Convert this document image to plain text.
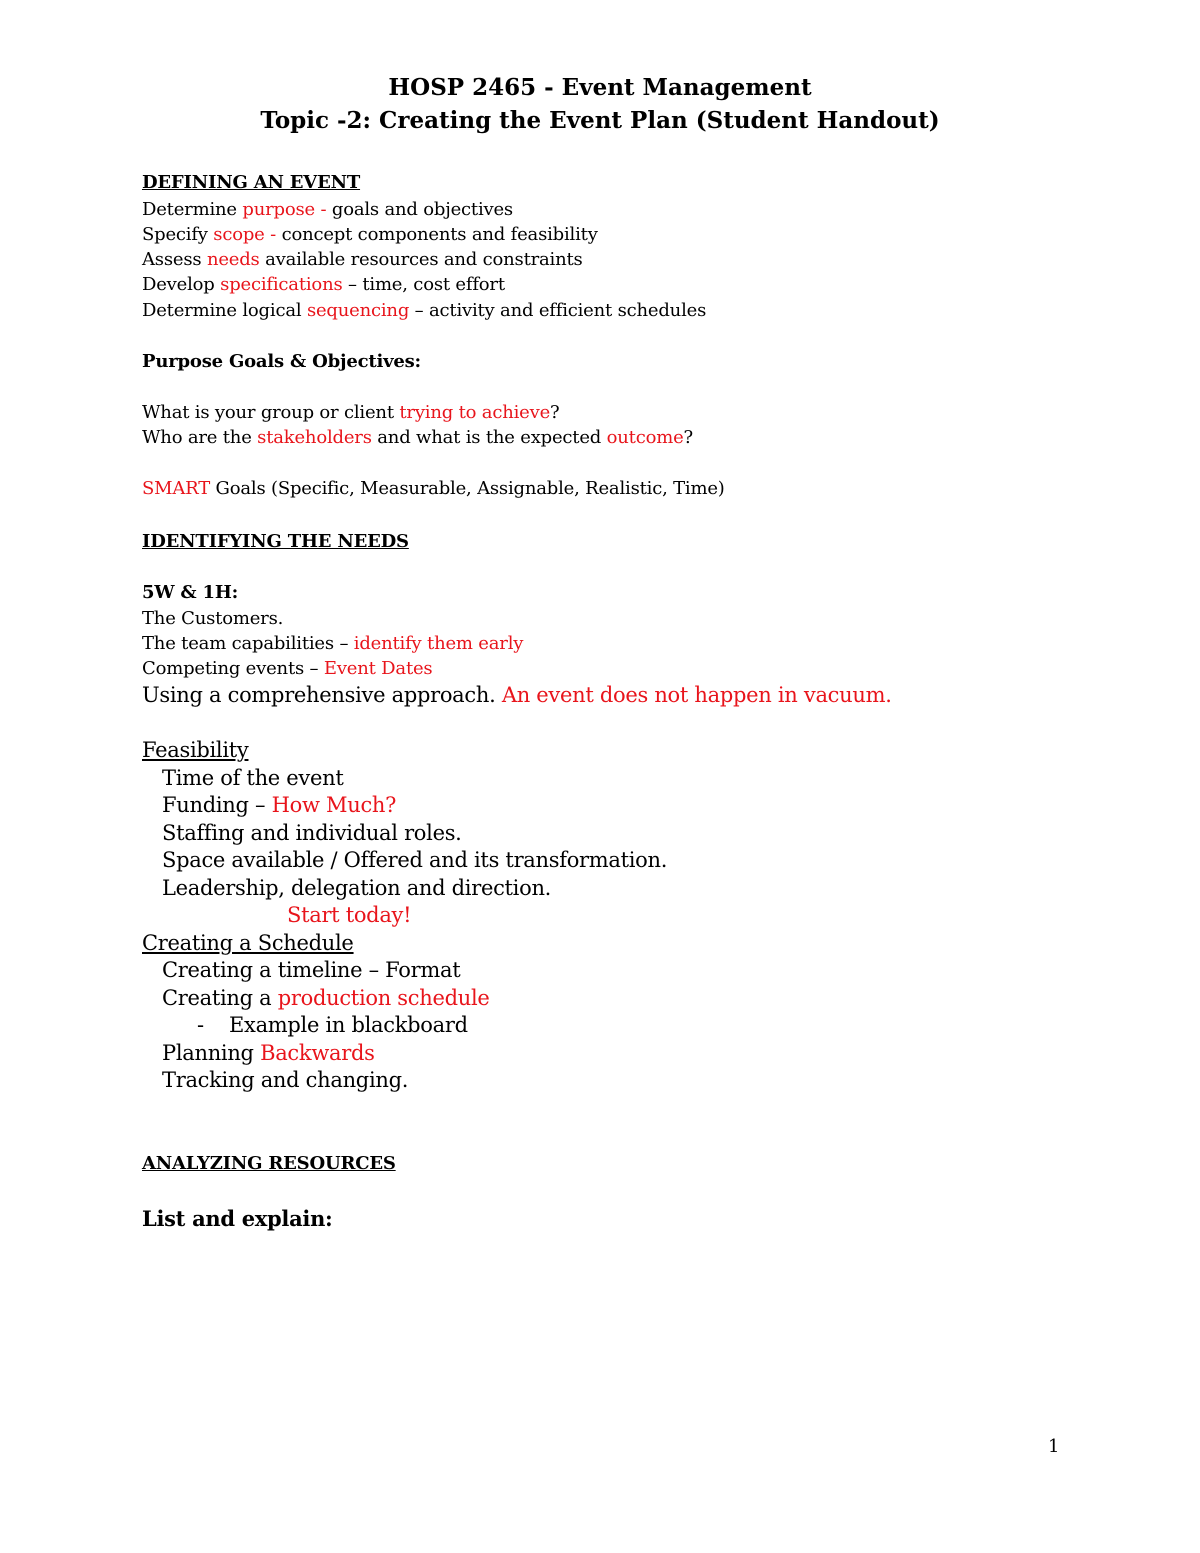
HOSP 2465 - Event Management
Topic -2: Creating the Event Plan (Student Handout)
DEFINING AN EVENT
Determine purpose - goals and objectives
Specify scope - concept components and feasibility
Assess needs available resources and constraints
Develop specifications – time, cost effort
Determine logical sequencing – activity and efficient schedules
Purpose Goals & Objectives:
What is your group or client trying to achieve?
Who are the stakeholders and what is the expected outcome?
SMART Goals (Specific, Measurable, Assignable, Realistic, Time)
IDENTIFYING THE NEEDS
5W & 1H:
The Customers.
The team capabilities – identify them early
Competing events – Event Dates
Using a comprehensive approach. An event does not happen in vacuum.
Feasibility
Time of the event
Funding – How Much?
Staffing and individual roles.
Space available / Offered and its transformation.
Leadership, delegation and direction.
Start today!
Creating a Schedule
Creating a timeline – Format
Creating a production schedule
- Example in blackboard
Planning Backwards
Tracking and changing.
ANALYZING RESOURCES
List and explain:
1
